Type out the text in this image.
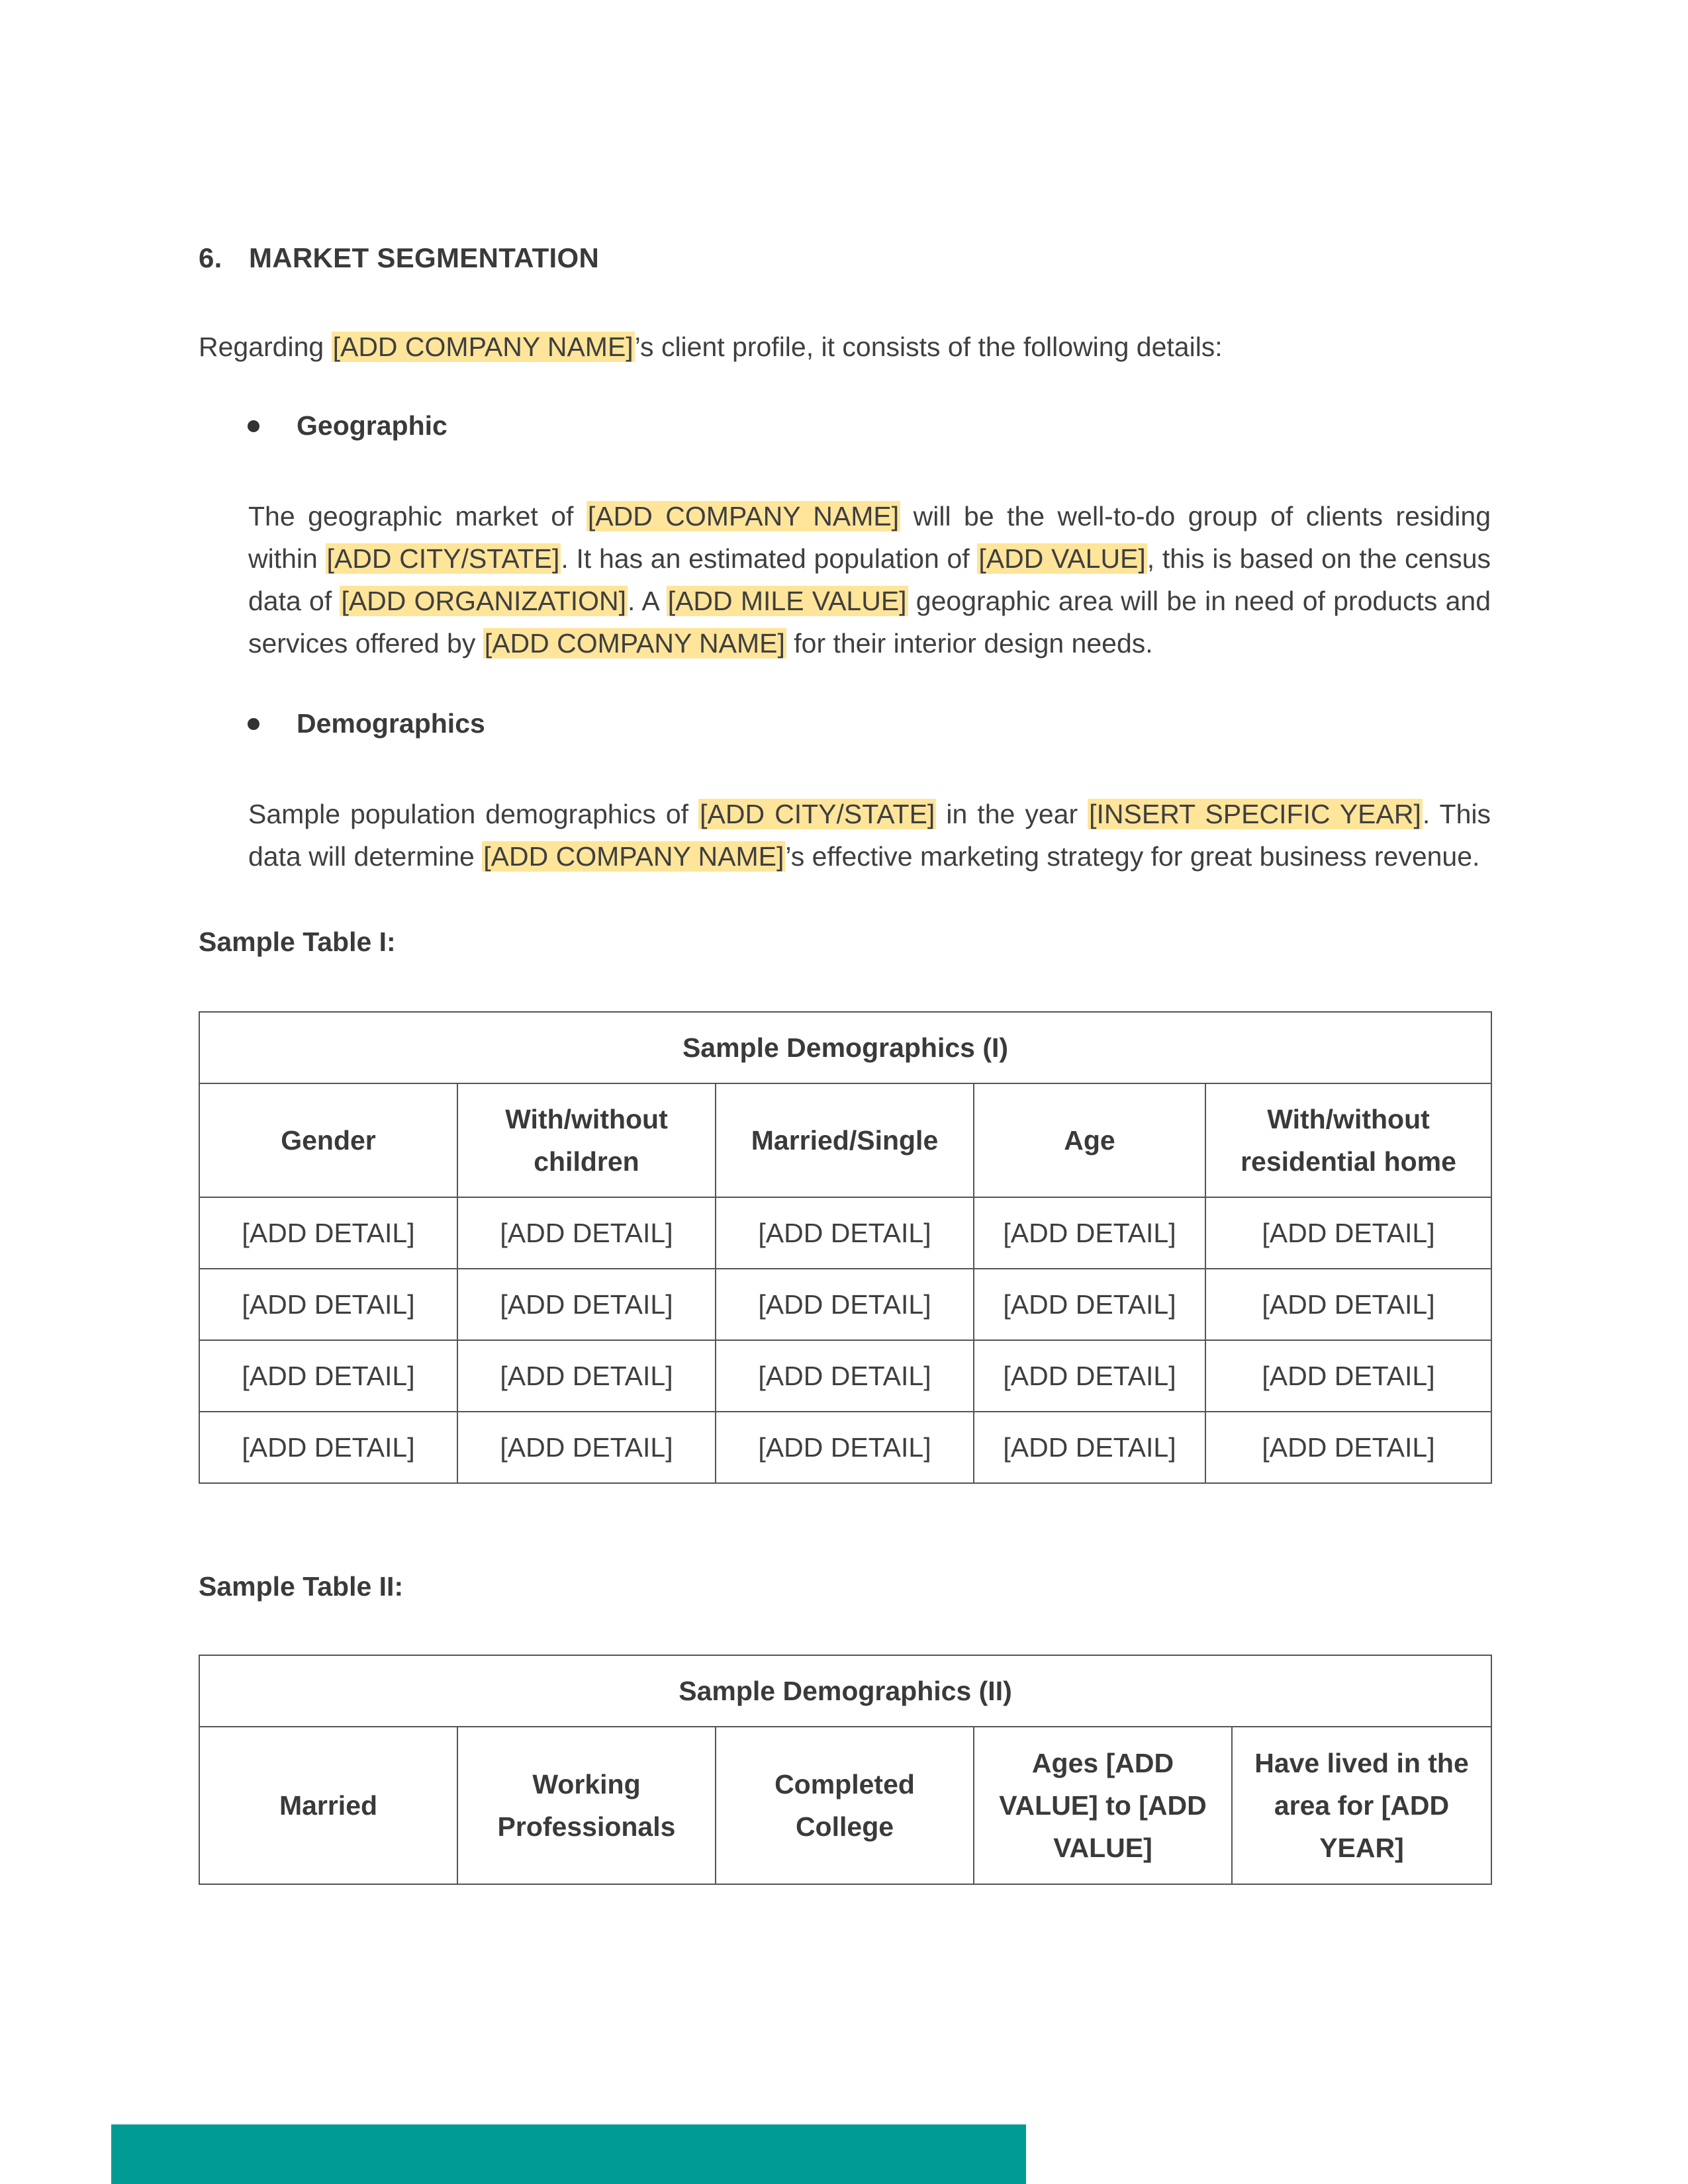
6. MARKET SEGMENTATION
Regarding [ADD COMPANY NAME]’s client profile, it consists of the following details:
Geographic
The geographic market of [ADD COMPANY NAME] will be the well-to-do group of clients residing within [ADD CITY/STATE]. It has an estimated population of [ADD VALUE], this is based on the census data of [ADD ORGANIZATION]. A [ADD MILE VALUE] geographic area will be in need of products and services offered by [ADD COMPANY NAME] for their interior design needs.
Demographics
Sample population demographics of [ADD CITY/STATE] in the year [INSERT SPECIFIC YEAR]. This data will determine [ADD COMPANY NAME]’s effective marketing strategy for great business revenue.
Sample Table I:
Sample Demographics (I)				
Gender	With/without children	Married/Single	Age	With/without residential home
[ADD DETAIL]	[ADD DETAIL]	[ADD DETAIL]	[ADD DETAIL]	[ADD DETAIL]
[ADD DETAIL]	[ADD DETAIL]	[ADD DETAIL]	[ADD DETAIL]	[ADD DETAIL]
[ADD DETAIL]	[ADD DETAIL]	[ADD DETAIL]	[ADD DETAIL]	[ADD DETAIL]
[ADD DETAIL]	[ADD DETAIL]	[ADD DETAIL]	[ADD DETAIL]	[ADD DETAIL]
Sample Table II:
Sample Demographics (II)
Married	Working Professionals	Completed College	Ages [ADD VALUE] to [ADD VALUE]	Have lived in the area for [ADD YEAR]
